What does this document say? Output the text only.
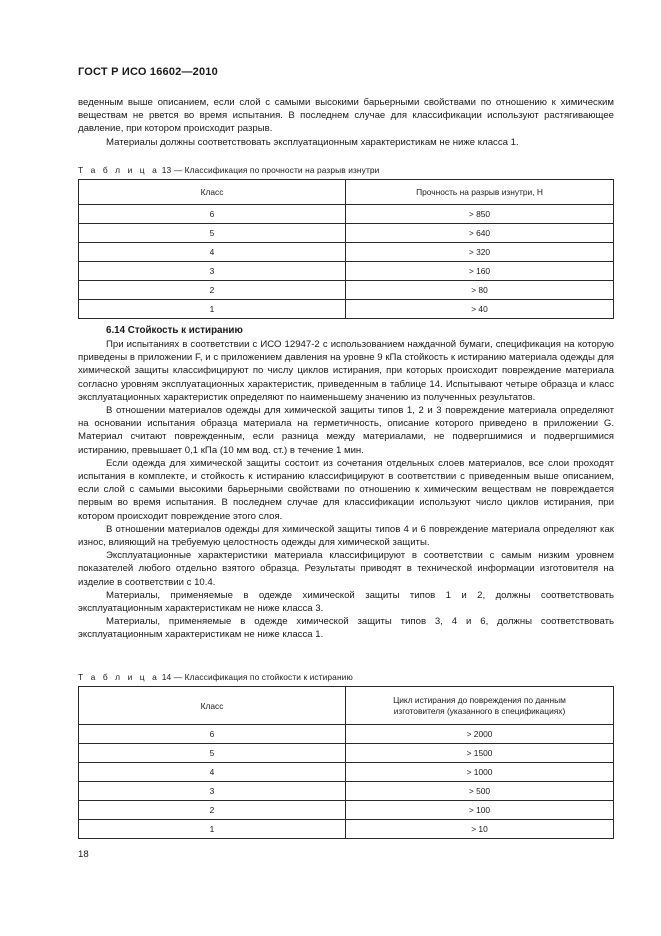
ГОСТ Р ИСО 16602—2010

веденным выше описанием, если слой с самыми высокими барьерными свойствами по отношению к химическим веществам не рвется во время испытания. В последнем случае для классификации используют растягивающее давление, при котором происходит разрыв.

Материалы должны соответствовать эксплуатационным характеристикам не ниже класса 1.

Т а б л и ц а 13 — Классификация по прочности на разрыв изнутри
Класс	Прочность на разрыв изнутри, Н
6	> 850
5	> 640
4	> 320
3	> 160
2	> 80
1	> 40
6.14 Стойкость к истиранию

При испытаниях в соответствии с ИСО 12947-2 с использованием наждачной бумаги, спецификация на которую приведены в приложении F, и с приложением давления на уровне 9 кПа стойкость к истиранию материала одежды для химической защиты классифицируют по числу циклов истирания, при которых происходит повреждение материала согласно уровням эксплуатационных характеристик, приведенным в таблице 14. Испытывают четыре образца и класс эксплуатационных характеристик определяют по наименьшему значению из полученных результатов.

В отношении материалов одежды для химической защиты типов 1, 2 и 3 повреждение материала определяют на основании испытания образца материала на герметичность, описание которого приведено в приложении G. Материал считают поврежденным, если разница между материалами, не подвергшимися и подвергшимися истиранию, превышает 0,1 кПа (10 мм вод. ст.) в течение 1 мин.

Если одежда для химической защиты состоит из сочетания отдельных слоев материалов, все слои проходят испытания в комплекте, и стойкость к истиранию классифицируют в соответствии с приведенным выше описанием, если слой с самыми высокими барьерными свойствами по отношению к химическим веществам не повреждается первым во время испытания. В последнем случае для классификации используют число циклов истирания, при котором происходит повреждение этого слоя.

В отношении материалов одежды для химической защиты типов 4 и 6 повреждение материала определяют как износ, влияющий на требуемую целостность одежды для химической защиты.

Эксплуатационные характеристики материала классифицируют в соответствии с самым низким уровнем показателей любого отдельно взятого образца. Результаты приводят в технической информации изготовителя на изделие в соответствии с 10.4.

Материалы, применяемые в одежде химической защиты типов 1 и 2, должны соответствовать эксплуатационным характеристикам не ниже класса 3.

Материалы, применяемые в одежде химической защиты типов 3, 4 и 6, должны соответствовать эксплуатационным характеристикам не ниже класса 1.

Т а б л и ц а 14 — Классификация по стойкости к истиранию
Класс	Цикл истирания до повреждения по данным изготовителя (указанного в спецификациях)
6	> 2000
5	> 1500
4	> 1000
3	> 500
2	> 100
1	> 10
18
